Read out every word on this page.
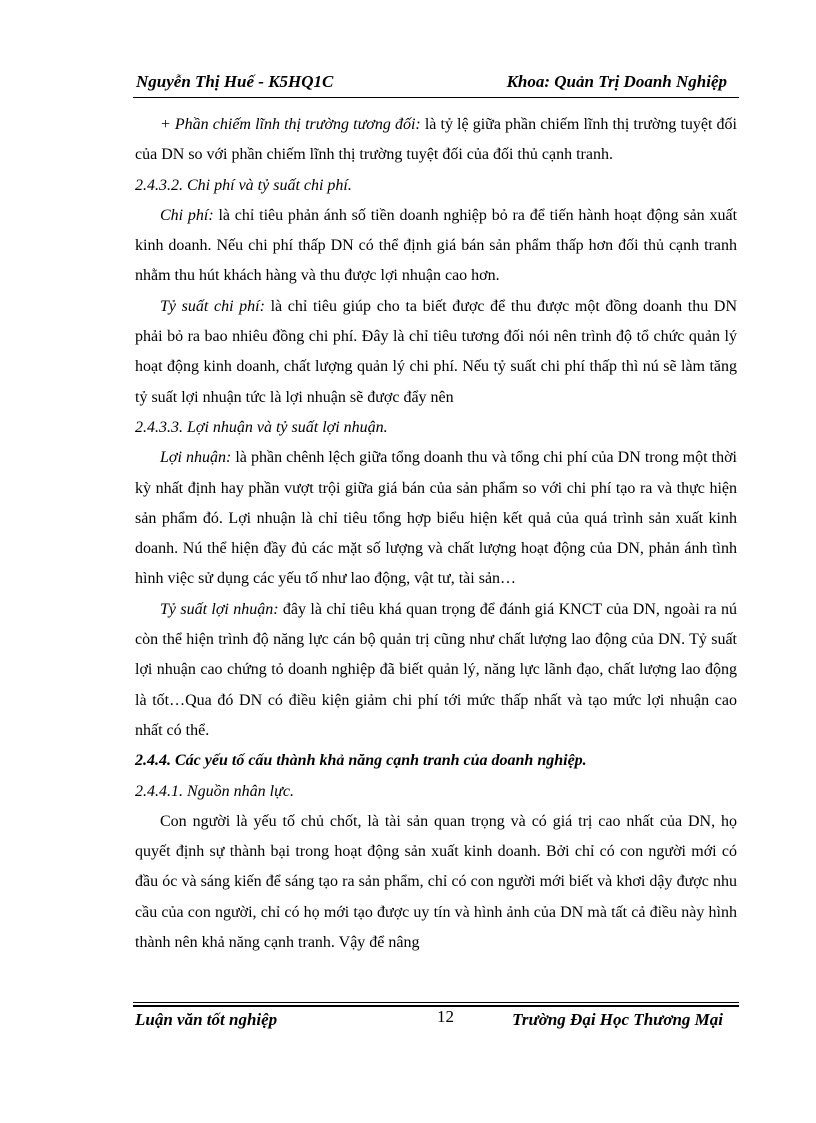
Nguyễn Thị Huế - K5HQ1C	Khoa: Quản Trị Doanh Nghiệp

+ Phần chiếm lĩnh thị trường tương đối: là tỷ lệ giữa phần chiếm lĩnh thị trường tuyệt đối của DN so với phần chiếm lĩnh thị trường tuyệt đối của đối thủ cạnh tranh.

2.4.3.2. Chi phí và tỷ suất chi phí.

Chi phí: là chỉ tiêu phản ánh số tiền doanh nghiệp bỏ ra để tiến hành hoạt động sản xuất kinh doanh. Nếu chi phí thấp DN có thể định giá bán sản phẩm thấp hơn đối thủ cạnh tranh nhằm thu hút khách hàng và thu được lợi nhuận cao hơn.

Tỷ suất chi phí: là chỉ tiêu giúp cho ta biết được để thu được một đồng doanh thu DN phải bỏ ra bao nhiêu đồng chi phí. Đây là chỉ tiêu tương đối nói nên trình độ tổ chức quản lý hoạt động kinh doanh, chất lượng quản lý chi phí. Nếu tỷ suất chi phí thấp thì nú sẽ làm tăng tỷ suất lợi nhuận tức là lợi nhuận sẽ được đẩy nên

2.4.3.3. Lợi nhuận và tỷ suất lợi nhuận.

Lợi nhuận: là phần chênh lệch giữa tổng doanh thu và tổng chi phí của DN trong một thời kỳ nhất định hay phần vượt trội giữa giá bán của sản phẩm so với chi phí tạo ra và thực hiện sản phẩm đó. Lợi nhuận là chỉ tiêu tổng hợp biểu hiện kết quả của quá trình sản xuất kinh doanh. Nú thể hiện đầy đủ các mặt số lượng và chất lượng hoạt động của DN, phản ánh tình hình việc sử dụng các yếu tố như lao động, vật tư, tài sản…

Tỷ suất lợi nhuận: đây là chỉ tiêu khá quan trọng để đánh giá KNCT của DN, ngoài ra nú còn thể hiện trình độ năng lực cán bộ quản trị cũng như chất lượng lao động của DN. Tỷ suất lợi nhuận cao chứng tỏ doanh nghiệp đã biết quản lý, năng lực lãnh đạo, chất lượng lao động là tốt…Qua đó DN có điều kiện giảm chi phí tới mức thấp nhất và tạo mức lợi nhuận cao nhất có thể.

2.4.4. Các yếu tố cấu thành khả năng cạnh tranh của doanh nghiệp.

2.4.4.1. Nguồn nhân lực.

Con người là yếu tố chủ chốt, là tài sản quan trọng và có giá trị cao nhất của DN, họ quyết định sự thành bại trong hoạt động sản xuất kinh doanh. Bởi chỉ có con người mới có đầu óc và sáng kiến để sáng tạo ra sản phẩm, chỉ có con người mới biết và khơi dậy được nhu cầu của con người, chỉ có họ mới tạo được uy tín và hình ảnh của DN mà tất cả điều này hình thành nên khả năng cạnh tranh. Vậy để nâng

Luận văn tốt nghiệp	12	Trường Đại Học Thương Mại
